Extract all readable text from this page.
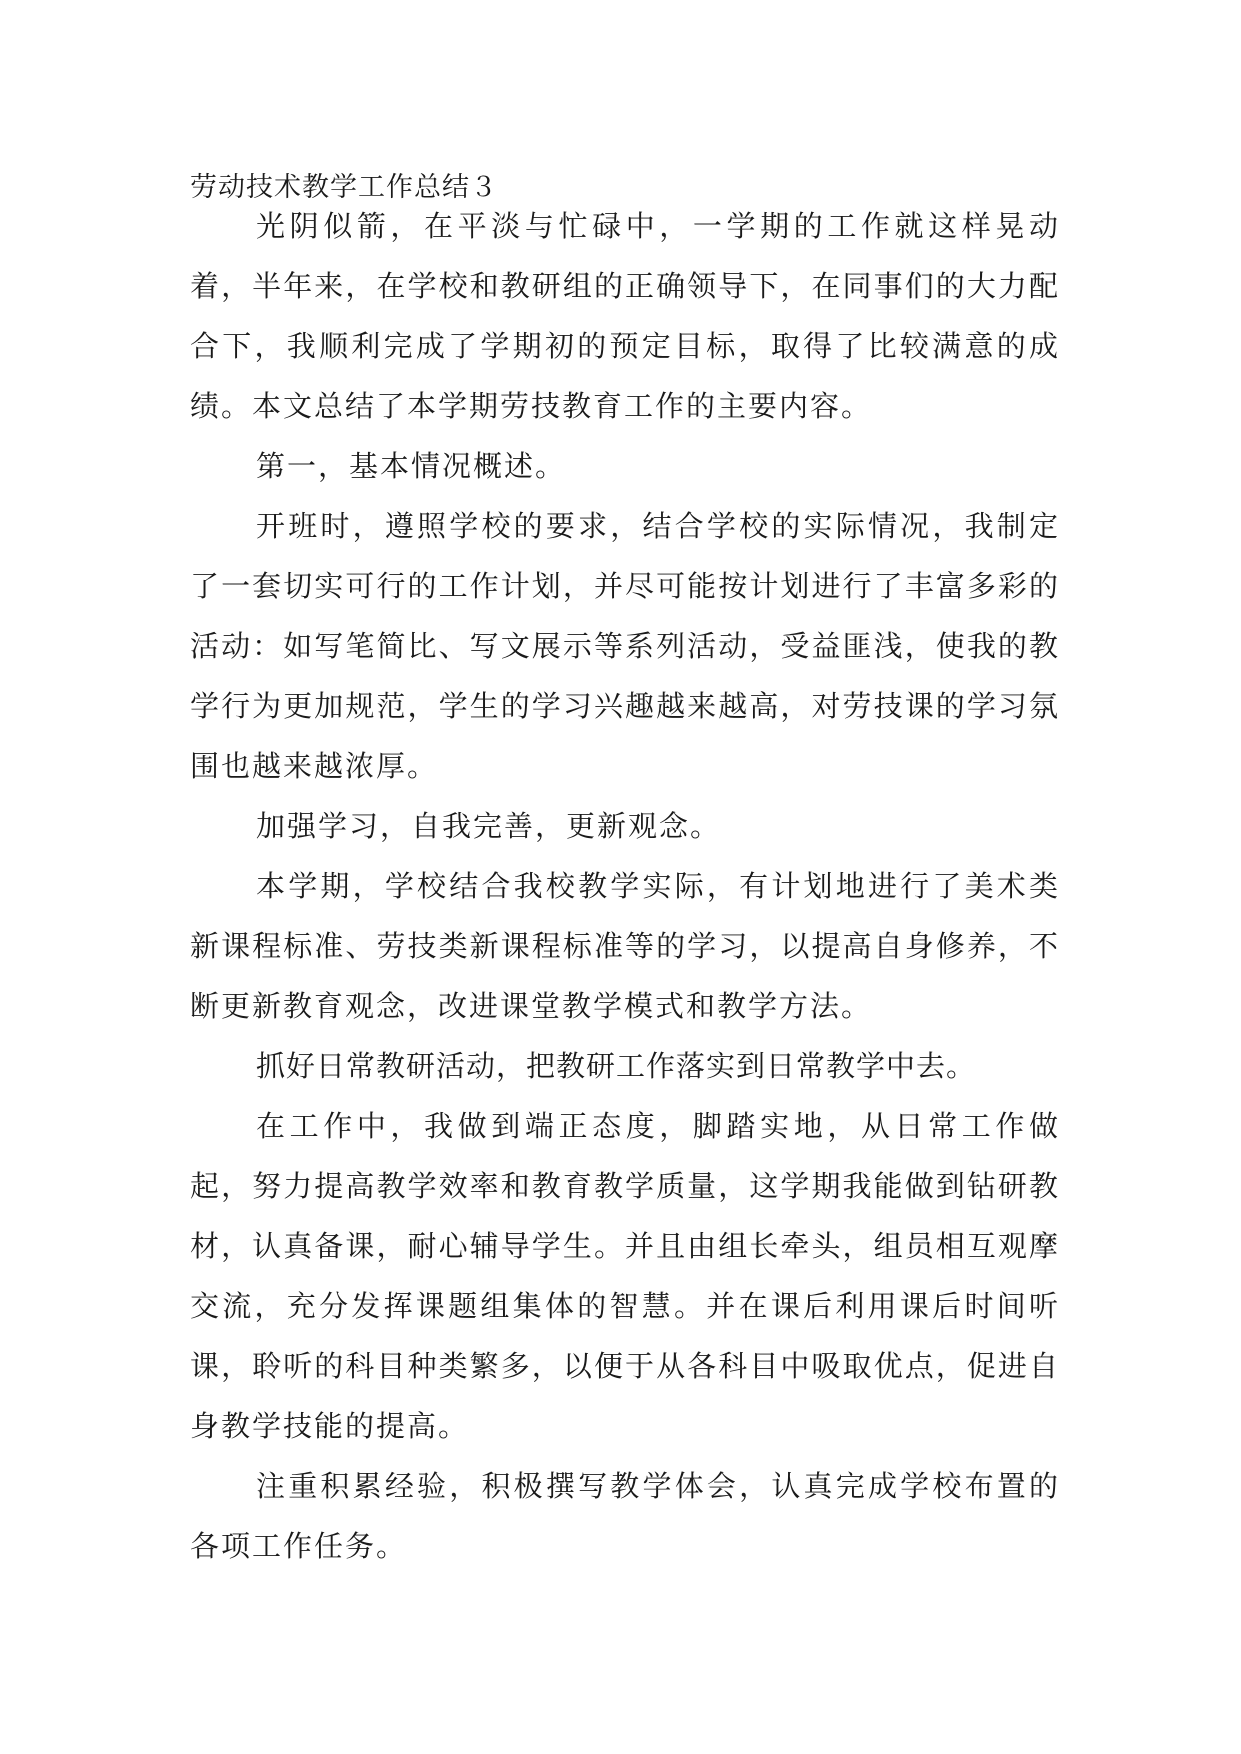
劳动技术教学工作总结３

光阴似箭，在平淡与忙碌中，一学期的工作就这样晃动着，半年来，在学校和教研组的正确领导下，在同事们的大力配合下，我顺利完成了学期初的预定目标，取得了比较满意的成绩。本文总结了本学期劳技教育工作的主要内容。

第一，基本情况概述。

开班时，遵照学校的要求，结合学校的实际情况，我制定了一套切实可行的工作计划，并尽可能按计划进行了丰富多彩的活动：如写笔简比、写文展示等系列活动，受益匪浅，使我的教学行为更加规范，学生的学习兴趣越来越高，对劳技课的学习氛围也越来越浓厚。

加强学习，自我完善，更新观念。

本学期，学校结合我校教学实际，有计划地进行了美术类新课程标准、劳技类新课程标准等的学习，以提高自身修养，不断更新教育观念，改进课堂教学模式和教学方法。

抓好日常教研活动，把教研工作落实到日常教学中去。

在工作中，我做到端正态度，脚踏实地，从日常工作做起，努力提高教学效率和教育教学质量，这学期我能做到钻研教材，认真备课，耐心辅导学生。并且由组长牵头，组员相互观摩交流，充分发挥课题组集体的智慧。并在课后利用课后时间听课，聆听的科目种类繁多，以便于从各科目中吸取优点，促进自身教学技能的提高。

注重积累经验，积极撰写教学体会，认真完成学校布置的各项工作任务。
